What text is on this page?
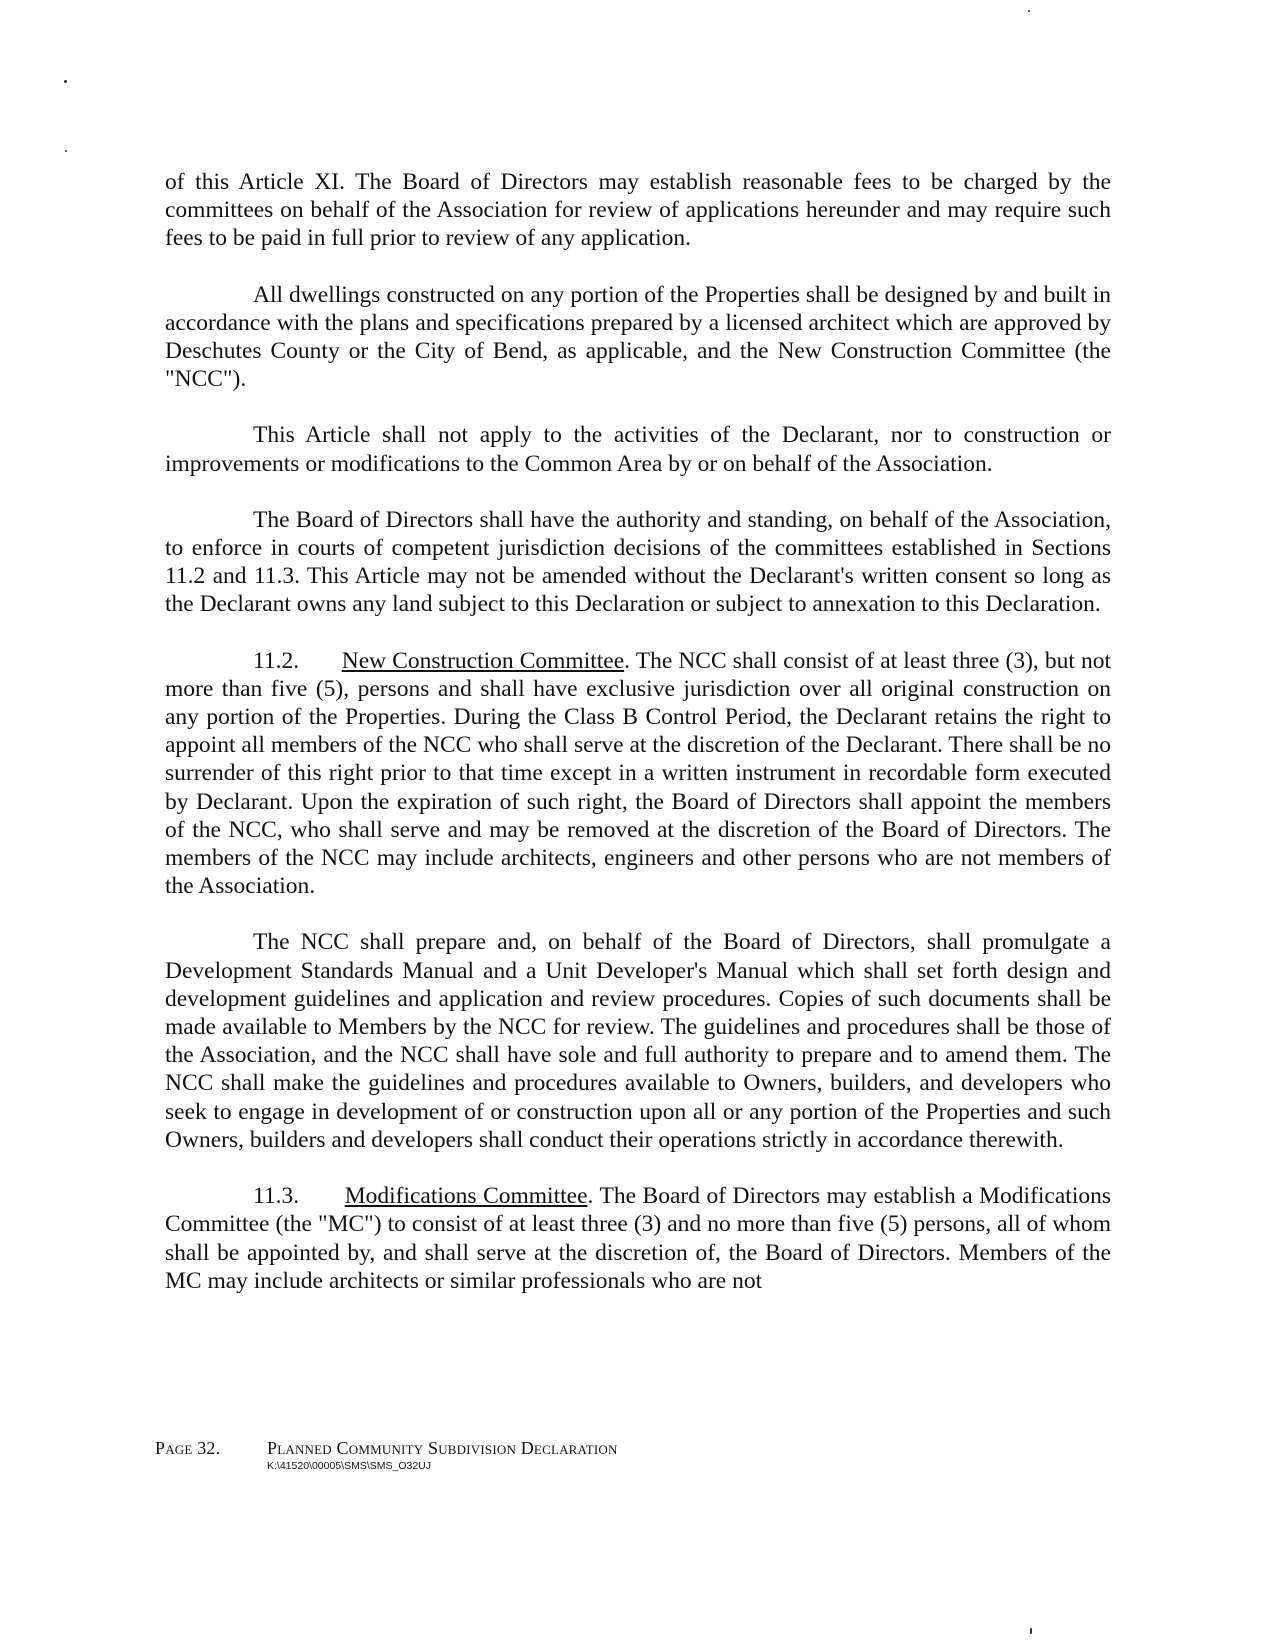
of this Article XI. The Board of Directors may establish reasonable fees to be charged by the committees on behalf of the Association for review of applications hereunder and may require such fees to be paid in full prior to review of any application.

All dwellings constructed on any portion of the Properties shall be designed by and built in accordance with the plans and specifications prepared by a licensed architect which are approved by Deschutes County or the City of Bend, as applicable, and the New Construction Committee (the "NCC").

This Article shall not apply to the activities of the Declarant, nor to construction or improvements or modifications to the Common Area by or on behalf of the Association.

The Board of Directors shall have the authority and standing, on behalf of the Association, to enforce in courts of competent jurisdiction decisions of the committees established in Sections 11.2 and 11.3. This Article may not be amended without the Declarant's written consent so long as the Declarant owns any land subject to this Declaration or subject to annexation to this Declaration.

11.2. New Construction Committee. The NCC shall consist of at least three (3), but not more than five (5), persons and shall have exclusive jurisdiction over all original construction on any portion of the Properties. During the Class B Control Period, the Declarant retains the right to appoint all members of the NCC who shall serve at the discretion of the Declarant. There shall be no surrender of this right prior to that time except in a written instrument in recordable form executed by Declarant. Upon the expiration of such right, the Board of Directors shall appoint the members of the NCC, who shall serve and may be removed at the discretion of the Board of Directors. The members of the NCC may include architects, engineers and other persons who are not members of the Association.

The NCC shall prepare and, on behalf of the Board of Directors, shall promulgate a Development Standards Manual and a Unit Developer's Manual which shall set forth design and development guidelines and application and review procedures. Copies of such documents shall be made available to Members by the NCC for review. The guidelines and procedures shall be those of the Association, and the NCC shall have sole and full authority to prepare and to amend them. The NCC shall make the guidelines and procedures available to Owners, builders, and developers who seek to engage in development of or construction upon all or any portion of the Properties and such Owners, builders and developers shall conduct their operations strictly in accordance therewith.

11.3. Modifications Committee. The Board of Directors may establish a Modifications Committee (the "MC") to consist of at least three (3) and no more than five (5) persons, all of whom shall be appointed by, and shall serve at the discretion of, the Board of Directors. Members of the MC may include architects or similar professionals who are not

Page 32.	Planned Community Subdivision Declaration
K:\41520\00005\SMS\SMS_O32UJ
